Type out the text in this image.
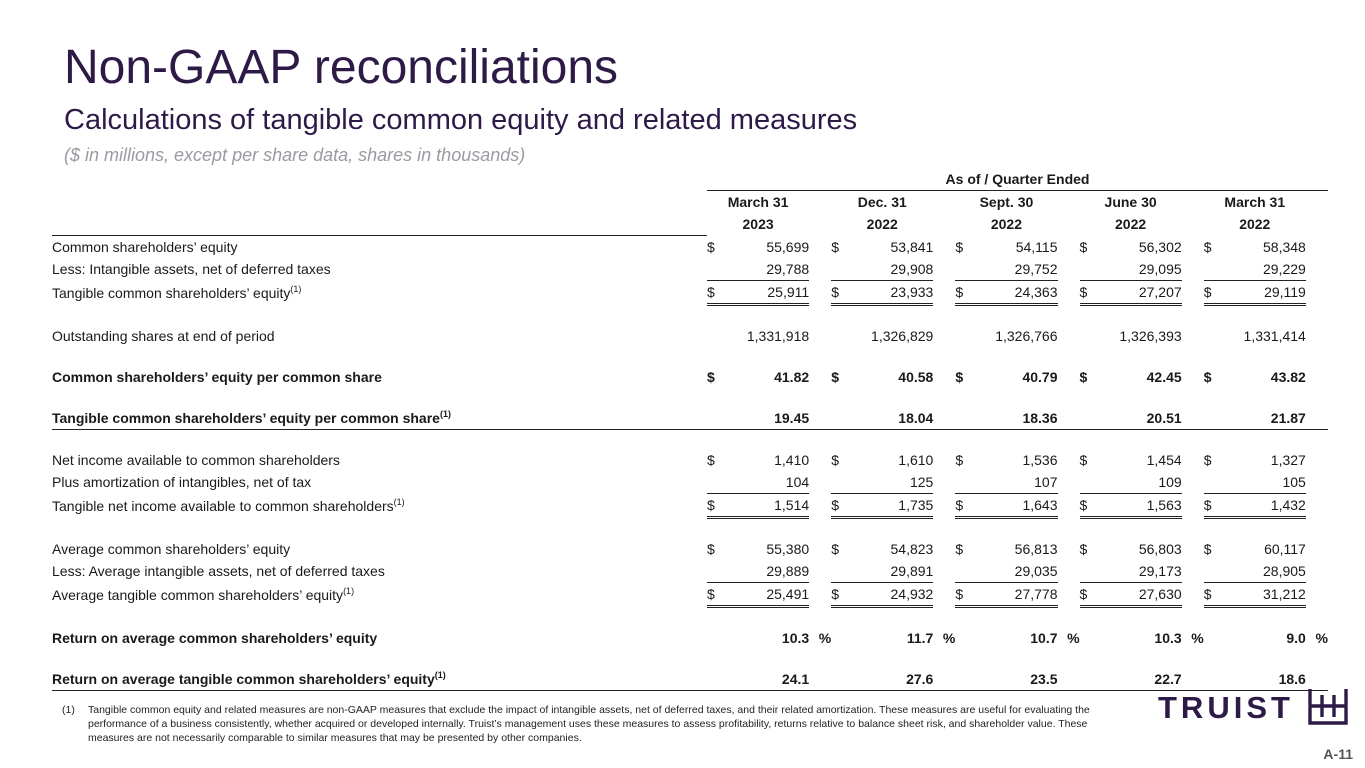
Non-GAAP reconciliations
Calculations of tangible common equity and related measures
($ in millions, except per share data, shares in thousands)
	As of / Quarter Ended														
	March 31			Dec. 31			Sept. 30			June 30			March 31		
	2023			2022			2022			2022			2022		
Common shareholders’ equity	$	55,699		$	53,841		$	54,115		$	56,302		$	58,348	
Less: Intangible assets, net of deferred taxes		29,788			29,908			29,752			29,095			29,229	
Tangible common shareholders’ equity$^{(1)}$	$	25,911		$	23,933		$	24,363		$	27,207		$	29,119	

Outstanding shares at end of period		1,331,918			1,326,829			1,326,766			1,326,393			1,331,414	

Common shareholders’ equity per common share	$	41.82		$	40.58		$	40.79		$	42.45		$	43.82	

Tangible common shareholders’ equity per common share$^{(1)}$		19.45			18.04			18.36			20.51			21.87	

Net income available to common shareholders	$	1,410		$	1,610		$	1,536		$	1,454		$	1,327	
Plus amortization of intangibles, net of tax		104			125			107			109			105	
Tangible net income available to common shareholders$^{(1)}$	$	1,514		$	1,735		$	1,643		$	1,563		$	1,432	

Average common shareholders’ equity	$	55,380		$	54,823		$	56,813		$	56,803		$	60,117	
Less: Average intangible assets, net of deferred taxes		29,889			29,891			29,035			29,173			28,905	
Average tangible common shareholders’ equity$^{(1)}$	$	25,491		$	24,932		$	27,778		$	27,630		$	31,212	

Return on average common shareholders’ equity		10.3	%		11.7	%		10.7	%		10.3	%		9.0	%

Return on average tangible common shareholders’ equity$^{(1)}$		24.1			27.6			23.5			22.7			18.6	
(1) Tangible common equity and related measures are non-GAAP measures that exclude the impact of intangible assets, net of deferred taxes, and their related amortization. These measures are useful for evaluating the performance of a business consistently, whether acquired or developed internally. Truist’s management uses these measures to assess profitability, returns relative to balance sheet risk, and shareholder value. These measures are not necessarily comparable to similar measures that may be presented by other companies.
TRUIST
A-11
